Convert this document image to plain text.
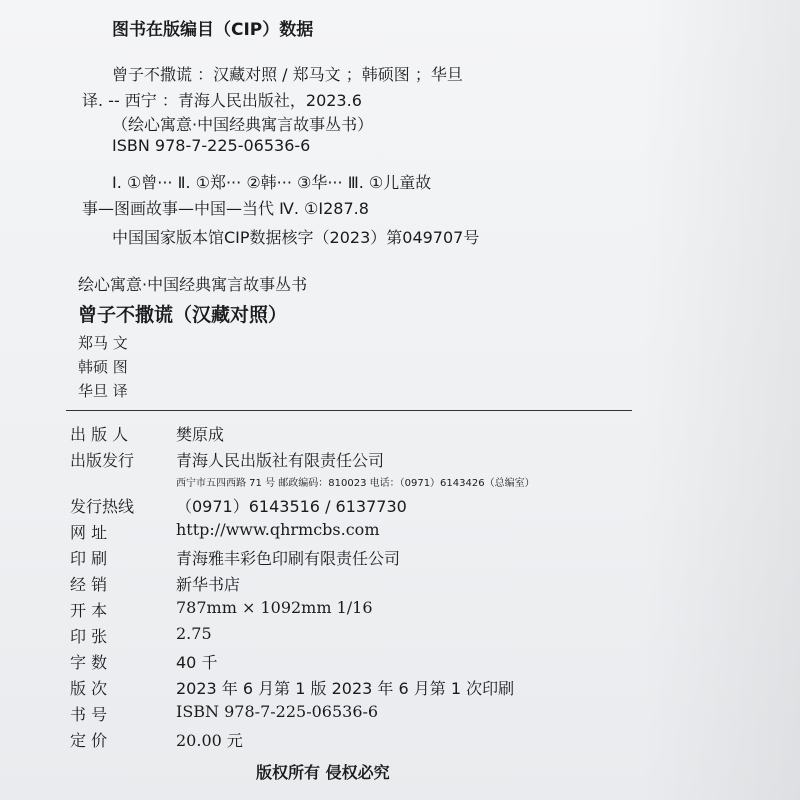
图书在版编目（CIP）数据
曾子不撒谎 ：汉藏对照 / 郑马文 ；韩硕图 ；华旦
译. -- 西宁 ：青海人民出版社，2023.6
（绘心寓意·中国经典寓言故事丛书）
ISBN 978-7-225-06536-6
Ⅰ. ①曾··· Ⅱ. ①郑··· ②韩··· ③华··· Ⅲ. ①儿童故
事—图画故事—中国—当代 Ⅳ. ①I287.8
中国国家版本馆CIP数据核字（2023）第049707号
绘心寓意·中国经典寓言故事丛书
曾子不撒谎（汉藏对照）
郑马 文
韩硕 图
华旦 译
出 版 人	樊原成
出版发行	青海人民出版社有限责任公司
西宁市五四西路 71 号 邮政编码：810023 电话：（0971）6143426（总编室）
发行热线	（0971）6143516 / 6137730
网 址	http://www.qhrmcbs.com
印 刷	青海雅丰彩色印刷有限责任公司
经 销	新华书店
开 本	787mm × 1092mm 1/16
印 张	2.75
字 数	40 千
版 次	2023 年 6 月第 1 版 2023 年 6 月第 1 次印刷
书 号	ISBN 978-7-225-06536-6
定 价	20.00 元
版权所有 侵权必究
